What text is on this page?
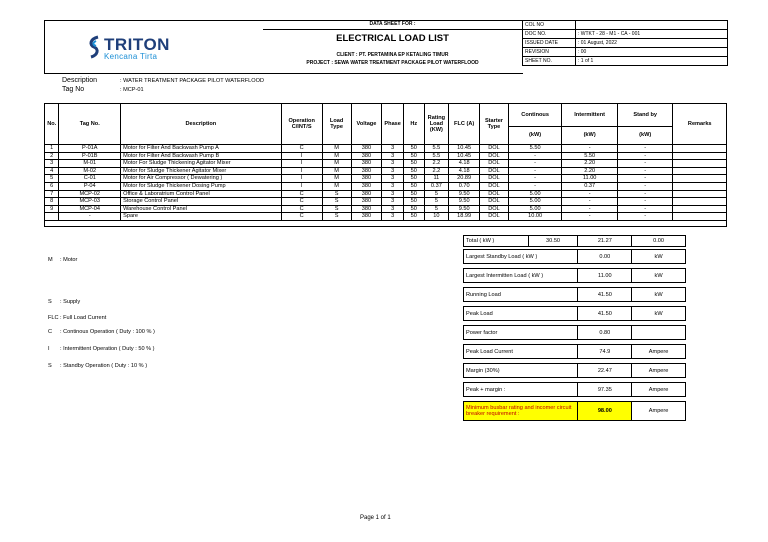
DATA SHEET FOR :
ELECTRICAL LOAD LIST
CLIENT : PT. PERTAMINA EP KETALING TIMUR
PROJECT : SEWA WATER TREATMENT PACKAGE PILOT WATERFLOOD
TRITON
Kencana Tirta
COL NO	
DOC NO.	: WTKT - 28 - M1 - CA - 001
ISSUED DATE	: 01 August, 2022
REVISION	: 00
SHEET NO.	: 1 of 1
Description	: WATER TREATMENT PACKAGE PILOT WATERFLOOD
Tag No	: MCP-01
No.	Tag No.	Description	Operation C/INT/S	Load Type	Voltage	Phase	Hz	Rating Load (KW)	FLC (A)	Starter Type	Continous	Intermittent	Stand by	Remarks
											(kW)	(kW)	(kW)	
1	P-01A	Motor for Filter And Backwash Pump A	C	M	380	3	50	5.5	10.45	DOL	5.50	-	-	
2	P-01B	Motor for Filter And Backwash Pump B	I	M	380	3	50	5.5	10.45	DOL	-	5.50	-	
3	M-01	Motor For Sludge Thickening Agitator Mixer	I	M	380	3	50	2.2	4.18	DOL	-	2.20	-	
4	M-02	Motor for Sludge Thickener Agitator Mixer	I	M	380	3	50	2.2	4.18	DOL	-	2.20	-	
5	C-01	Motor for Air Compressor ( Dewatering )	I	M	380	3	50	11	20.89	DOL	-	11.00	-	
6	P-04	Motor for Sludge Thickener Dosing Pump	I	M	380	3	50	0.37	0.70	DOL	-	0.37	-	
7	MCP-02	Office & Laboratrium Control Panel	C	S	380	3	50	5	9.50	DOL	5.00	-	-	
8	MCP-03	Storage Control Panel	C	S	380	3	50	5	9.50	DOL	5.00	-	-	
9	MCP-04	Warehouse Control Panel	C	S	380	3	50	5	9.50	DOL	5.00	-	-	
	-	Spare	C	S	380	3	50	10	18.99	DOL	10.00	-	-	

Total ( kW )	30.50	21.27	0.00

Largest Standby Load ( kW )		0.00	kW

Largest Intermitten Load ( kW )		11.00	kW

Running Load		41.50	kW

Peak Load		41.50	kW

Power factor		0.80	

Peak Load Current		74.9	Ampere

Margin (30%)		22.47	Ampere

Peak + margin :		97.35	Ampere

Minimum busbar rating and incomer circuit breaker requirement :		98.00	Ampere
M : Motor
S : Supply
FLC: Full Load Current
C : Continous Operation ( Duty : 100 % )
I : Intermittent Operation ( Duty : 50 % )
S : Standby Operation ( Duty : 10 % )
Page 1 of 1
